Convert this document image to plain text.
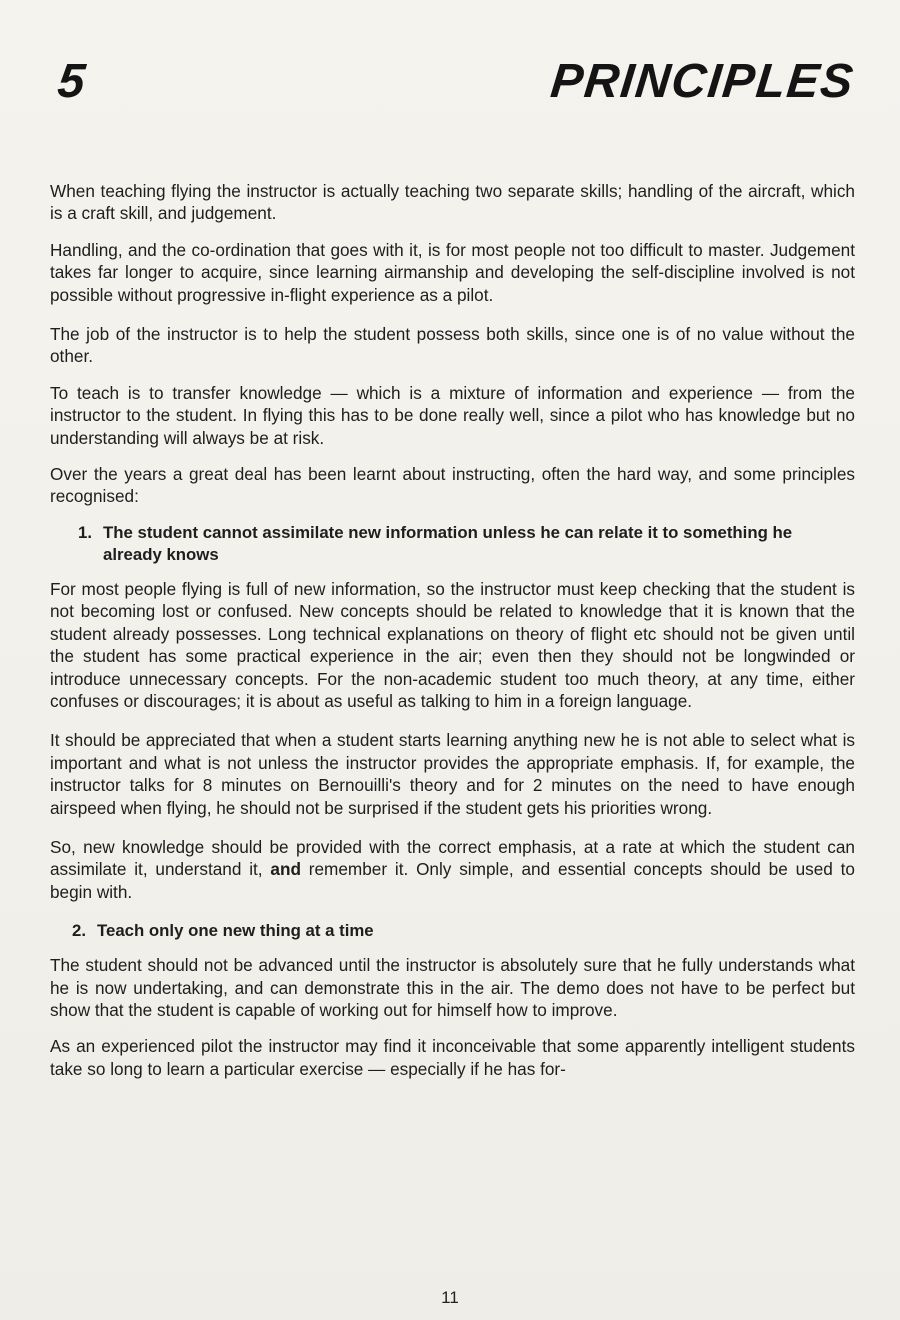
5	PRINCIPLES

When teaching flying the instructor is actually teaching two separate skills; handling of the aircraft, which is a craft skill, and judgement.

Handling, and the co-ordination that goes with it, is for most people not too difficult to master. Judgement takes far longer to acquire, since learning airmanship and developing the self-discipline involved is not possible without progressive in-flight experience as a pilot.

The job of the instructor is to help the student possess both skills, since one is of no value without the other.

To teach is to transfer knowledge — which is a mixture of information and experience — from the instructor to the student. In flying this has to be done really well, since a pilot who has knowledge but no understanding will always be at risk.

Over the years a great deal has been learnt about instructing, often the hard way, and some principles recognised:

1. The student cannot assimilate new information unless he can relate it to something he already knows

For most people flying is full of new information, so the instructor must keep checking that the student is not becoming lost or confused. New concepts should be related to knowledge that it is known that the student already possesses. Long technical explanations on theory of flight etc should not be given until the student has some practical experience in the air; even then they should not be longwinded or introduce unnecessary concepts. For the non-academic student too much theory, at any time, either confuses or discourages; it is about as useful as talking to him in a foreign language.

It should be appreciated that when a student starts learning anything new he is not able to select what is important and what is not unless the instructor provides the appropriate emphasis. If, for example, the instructor talks for 8 minutes on Bernouilli's theory and for 2 minutes on the need to have enough airspeed when flying, he should not be surprised if the student gets his priorities wrong.

So, new knowledge should be provided with the correct emphasis, at a rate at which the student can assimilate it, understand it, and remember it. Only simple, and essential concepts should be used to begin with.

2. Teach only one new thing at a time

The student should not be advanced until the instructor is absolutely sure that he fully understands what he is now undertaking, and can demonstrate this in the air. The demo does not have to be perfect but show that the student is capable of working out for himself how to improve.

As an experienced pilot the instructor may find it inconceivable that some apparently intelligent students take so long to learn a particular exercise — especially if he has for-

11
